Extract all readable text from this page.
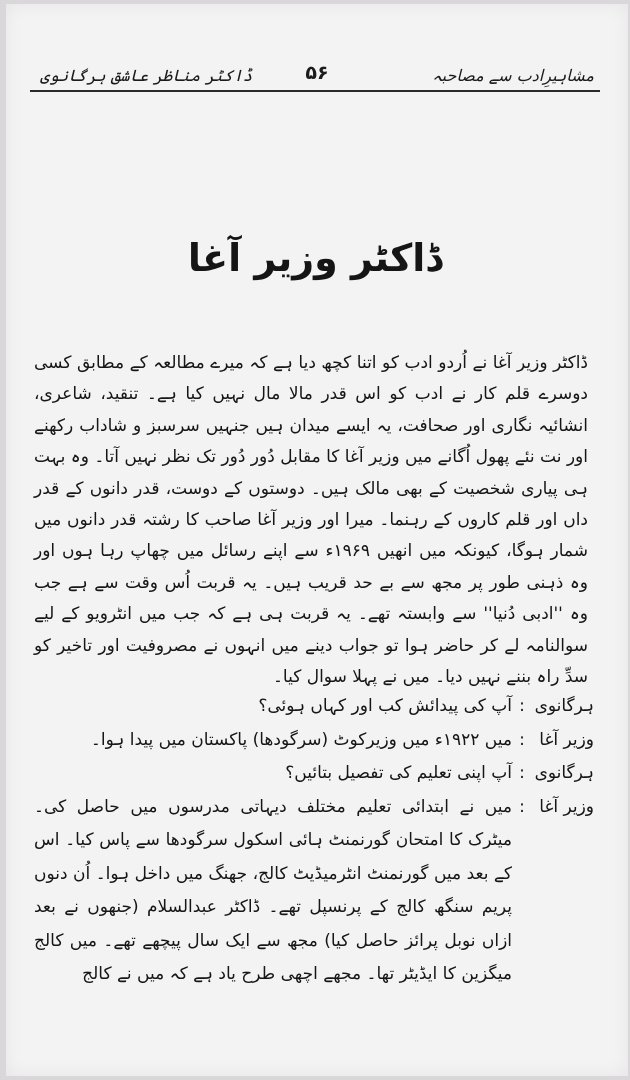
مشاہیرِادب سے مصاحبہ
۵۶
ڈاکٹر مناظر عاشق ہرگانوی
ڈاکٹر وزیر آغا

ڈاکٹر وزیر آغا نے اُردو ادب کو اتنا کچھ دیا ہے کہ میرے مطالعہ کے مطابق کسی دوسرے قلم کار نے ادب کو اس قدر مالا مال نہیں کیا ہے۔ تنقید، شاعری، انشائیہ نگاری اور صحافت، یہ ایسے میدان ہیں جنہیں سرسبز و شاداب رکھنے اور نت نئے پھول اُگانے میں وزیر آغا کا مقابل دُور دُور تک نظر نہیں آتا۔ وہ بہت ہی پیاری شخصیت کے بھی مالک ہیں۔ دوستوں کے دوست، قدر دانوں کے قدر داں اور قلم کاروں کے رہنما۔ میرا اور وزیر آغا صاحب کا رشتہ قدر دانوں میں شمار ہوگا، کیونکہ میں انھیں ۱۹۶۹ء سے اپنے رسائل میں چھاپ رہا ہوں اور وہ ذہنی طور پر مجھ سے بے حد قریب ہیں۔ یہ قربت اُس وقت سے ہے جب وہ ''ادبی دُنیا'' سے وابستہ تھے۔ یہ قربت ہی ہے کہ جب میں انٹرویو کے لیے سوالنامہ لے کر حاضر ہوا تو جواب دینے میں انہوں نے مصروفیت اور تاخیر کو سدِّ راہ بننے نہیں دیا۔ میں نے پہلا سوال کیا۔

ہرگانوی
:
آپ کی پیدائش کب اور کہاں ہوئی؟
وزیر آغا
:
میں ۱۹۲۲ء میں وزیرکوٹ (سرگودھا) پاکستان میں پیدا ہوا۔
ہرگانوی
:
آپ اپنی تعلیم کی تفصیل بتائیں؟
وزیر آغا
:
میں نے ابتدائی تعلیم مختلف دیہاتی مدرسوں میں حاصل کی۔ میٹرک کا امتحان گورنمنٹ ہائی اسکول سرگودھا سے پاس کیا۔ اس کے بعد میں گورنمنٹ انٹرمیڈیٹ کالج، جھنگ میں داخل ہوا۔ اُن دنوں پریم سنگھ کالج کے پرنسپل تھے۔ ڈاکٹر عبدالسلام (جنھوں نے بعد ازاں نوبل پرائز حاصل کیا) مجھ سے ایک سال پیچھے تھے۔ میں کالج میگزین کا ایڈیٹر تھا۔ مجھے اچھی طرح یاد ہے کہ میں نے کالج
